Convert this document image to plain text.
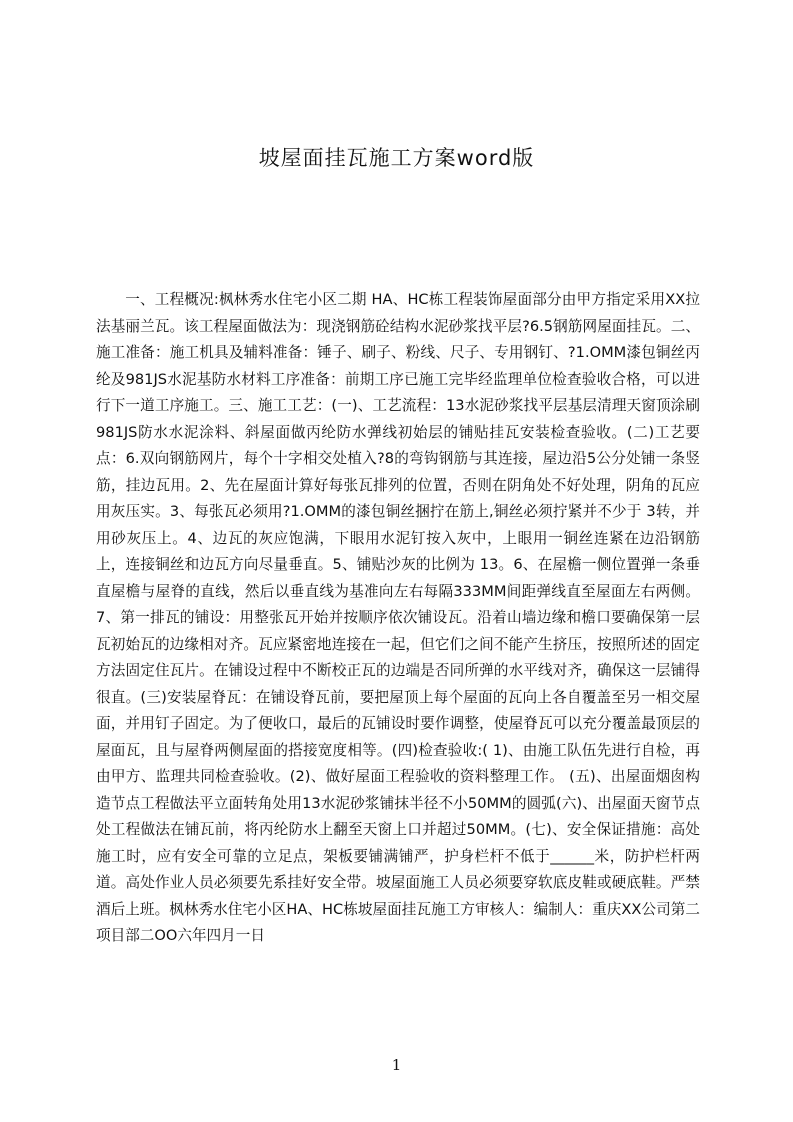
坡屋面挂瓦施工方案word版

一、工程概况:枫林秀水住宅小区二期 HA、HC栋工程装饰屋面部分由甲方指定采用XX拉法基丽兰瓦。该工程屋面做法为：现浇钢筋砼结构水泥砂浆找平层?6.5钢筋网屋面挂瓦。二、施工准备：施工机具及辅料准备：锤子、刷子、粉线、尺子、专用钢钉、?1.OMM漆包铜丝丙纶及981JS水泥基防水材料工序准备：前期工序已施工完毕经监理单位检查验收合格，可以进行下一道工序施工。三、施工工艺：(一)、工艺流程：13水泥砂浆找平层基层清理天窗顶涂刷981JS防水水泥涂料、斜屋面做丙纶防水弹线初始层的铺贴挂瓦安装检查验收。(二)工艺要点：6.双向钢筋网片，每个十字相交处植入?8的弯钩钢筋与其连接，屋边沿5公分处铺一条竖筋，挂边瓦用。2、先在屋面计算好每张瓦排列的位置，否则在阴角处不好处理，阴角的瓦应用灰压实。3、每张瓦必须用?1.OMM的漆包铜丝捆拧在筋上,铜丝必须拧紧并不少于 3转，并用砂灰压上。4、边瓦的灰应饱满，下眼用水泥钉按入灰中，上眼用一铜丝连紧在边沿钢筋上，连接铜丝和边瓦方向尽量垂直。5、铺贴沙灰的比例为 13。6、在屋檐一侧位置弹一条垂直屋檐与屋脊的直线，然后以垂直线为基准向左右每隔333MM间距弹线直至屋面左右两侧。7、第一排瓦的铺设：用整张瓦开始并按顺序依次铺设瓦。沿着山墙边缘和檐口要确保第一层瓦初始瓦的边缘相对齐。瓦应紧密地连接在一起，但它们之间不能产生挤压，按照所述的固定方法固定住瓦片。在铺设过程中不断校正瓦的边端是否同所弹的水平线对齐，确保这一层铺得很直。(三)安装屋脊瓦：在铺设脊瓦前，要把屋顶上每个屋面的瓦向上各自覆盖至另一相交屋面，并用钉子固定。为了便收口，最后的瓦铺设时要作调整，使屋脊瓦可以充分覆盖最顶层的屋面瓦，且与屋脊两侧屋面的搭接宽度相等。(四)检查验收:( 1)、由施工队伍先进行自检，再由甲方、监理共同检查验收。(2)、做好屋面工程验收的资料整理工作。 (五)、出屋面烟囱构造节点工程做法平立面转角处用13水泥砂浆铺抹半径不小50MM的圆弧(六)、出屋面天窗节点处工程做法在铺瓦前，将丙纶防水上翻至天窗上口并超过50MM。(七)、安全保证措施：高处施工时，应有安全可靠的立足点，架板要铺满铺严，护身栏杆不低于______米，防护栏杆两道。高处作业人员必须要先系挂好安全带。坡屋面施工人员必须要穿软底皮鞋或硬底鞋。严禁酒后上班。枫林秀水住宅小区HA、HC栋坡屋面挂瓦施工方审核人：编制人：重庆XX公司第二项目部二OO六年四月一日

1
